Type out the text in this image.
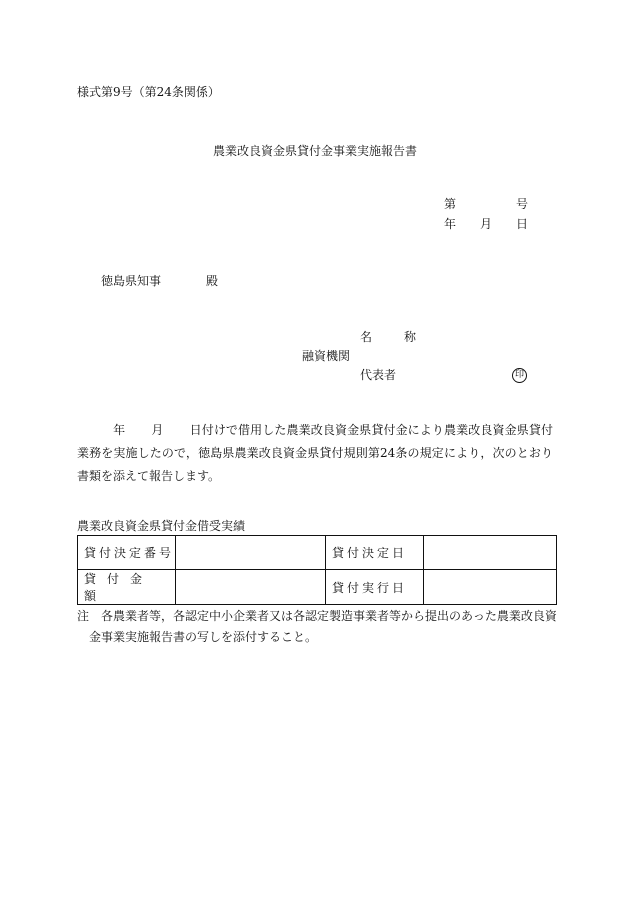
様式第9号（第24条関係）
農業改良資金県貸付金事業実施報告書
第	号
年 月 日
徳島県知事	殿
名　称
融資機関
代表者	印
年 月 日付けで借用した農業改良資金県貸付金により農業改良資金県貸付業務を実施したので，徳島県農業改良資金県貸付規則第24条の規定により，次のとおり書類を添えて報告します。
農業改良資金県貸付金借受実績
貸付決定番号		貸付決定日	
貸付金額		貸付実行日	
注　各農業者等，各認定中小企業者又は各認定製造事業者等から提出のあった農業改良資
金事業実施報告書の写しを添付すること。
